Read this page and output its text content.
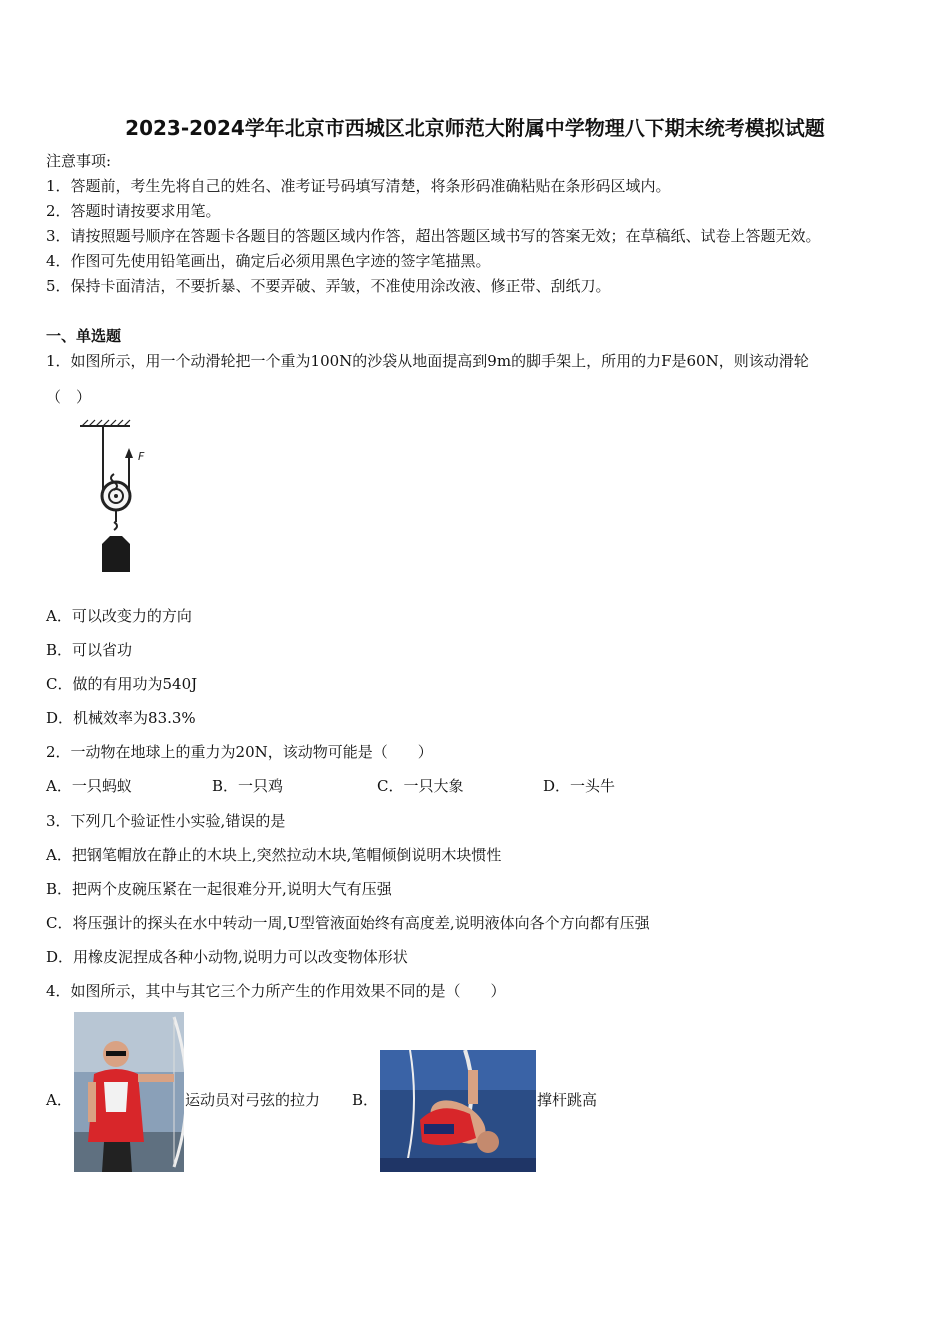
2023-2024学年北京市西城区北京师范大附属中学物理八下期末统考模拟试题
注意事项:
1．答题前，考生先将自己的姓名、准考证号码填写清楚，将条形码准确粘贴在条形码区域内。
2．答题时请按要求用笔。
3．请按照题号顺序在答题卡各题目的答题区域内作答，超出答题区域书写的答案无效；在草稿纸、试卷上答题无效。
4．作图可先使用铅笔画出，确定后必须用黑色字迹的签字笔描黑。
5．保持卡面清洁，不要折暴、不要弄破、弄皱，不准使用涂改液、修正带、刮纸刀。
一、单选题
1．如图所示，用一个动滑轮把一个重为100N的沙袋从地面提高到9m的脚手架上，所用的力F是60N，则该动滑轮
（　）
F
A．可以改变力的方向
B．可以省功
C．做的有用功为540J
D．机械效率为83.3%
2．一动物在地球上的重力为20N，该动物可能是（　　）
A．一只蚂蚁	B．一只鸡	C．一只大象	D．一头牛
3．下列几个验证性小实验,错误的是
A．把钢笔帽放在静止的木块上,突然拉动木块,笔帽倾倒说明木块惯性
B．把两个皮碗压紧在一起很难分开,说明大气有压强
C．将压强计的探头在水中转动一周,U型管液面始终有高度差,说明液体向各个方向都有压强
D．用橡皮泥捏成各种小动物,说明力可以改变物体形状
4．如图所示，其中与其它三个力所产生的作用效果不同的是（　　）
A．	运动员对弓弦的拉力 B．	撑杆跳高
